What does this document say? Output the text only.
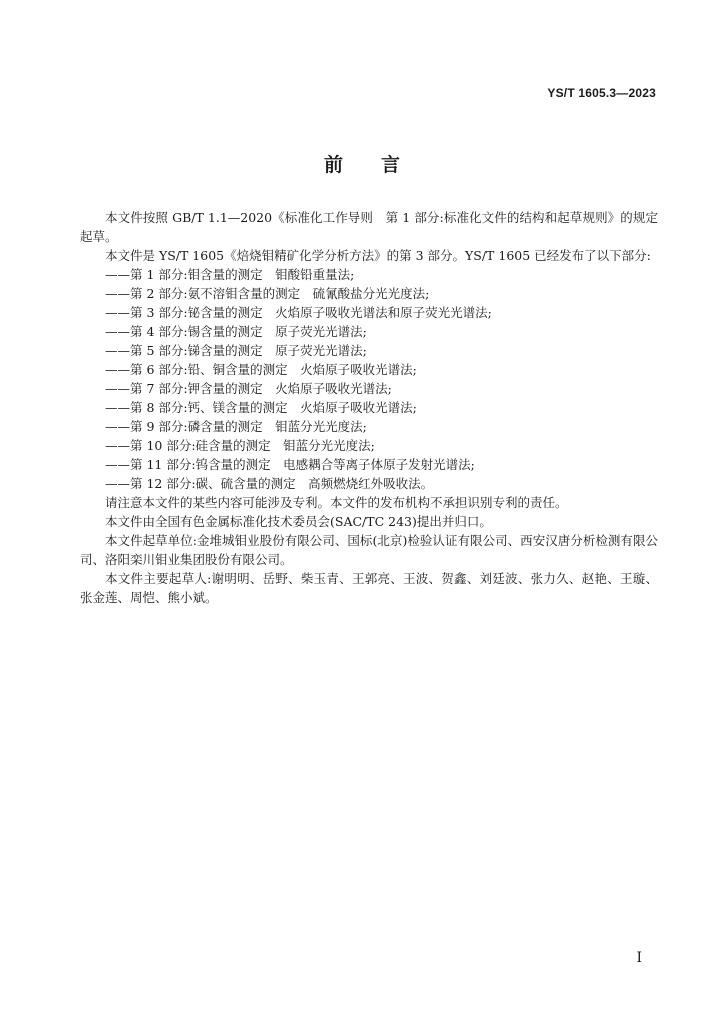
YS/T 1605.3—2023
前言

本文件按照 GB/T 1.1—2020《标准化工作导则　第 1 部分:标准化文件的结构和起草规则》的规定起草。

本文件是 YS/T 1605《焙烧钼精矿化学分析方法》的第 3 部分。YS/T 1605 已经发布了以下部分:

——第 1 部分:钼含量的测定　钼酸铅重量法;

——第 2 部分:氨不溶钼含量的测定　硫氰酸盐分光光度法;

——第 3 部分:铋含量的测定　火焰原子吸收光谱法和原子荧光光谱法;

——第 4 部分:锡含量的测定　原子荧光光谱法;

——第 5 部分:锑含量的测定　原子荧光光谱法;

——第 6 部分:铅、铜含量的测定　火焰原子吸收光谱法;

——第 7 部分:钾含量的测定　火焰原子吸收光谱法;

——第 8 部分:钙、镁含量的测定　火焰原子吸收光谱法;

——第 9 部分:磷含量的测定　钼蓝分光光度法;

——第 10 部分:硅含量的测定　钼蓝分光光度法;

——第 11 部分:钨含量的测定　电感耦合等离子体原子发射光谱法;

——第 12 部分:碳、硫含量的测定　高频燃烧红外吸收法。

请注意本文件的某些内容可能涉及专利。本文件的发布机构不承担识别专利的责任。

本文件由全国有色金属标准化技术委员会(SAC/TC 243)提出并归口。

本文件起草单位:金堆城钼业股份有限公司、国标(北京)检验认证有限公司、西安汉唐分析检测有限公司、洛阳栾川钼业集团股份有限公司。

本文件主要起草人:谢明明、岳野、柴玉青、王郭亮、王波、贺鑫、刘廷波、张力久、赵艳、王璇、张金莲、周恺、熊小斌。

I
